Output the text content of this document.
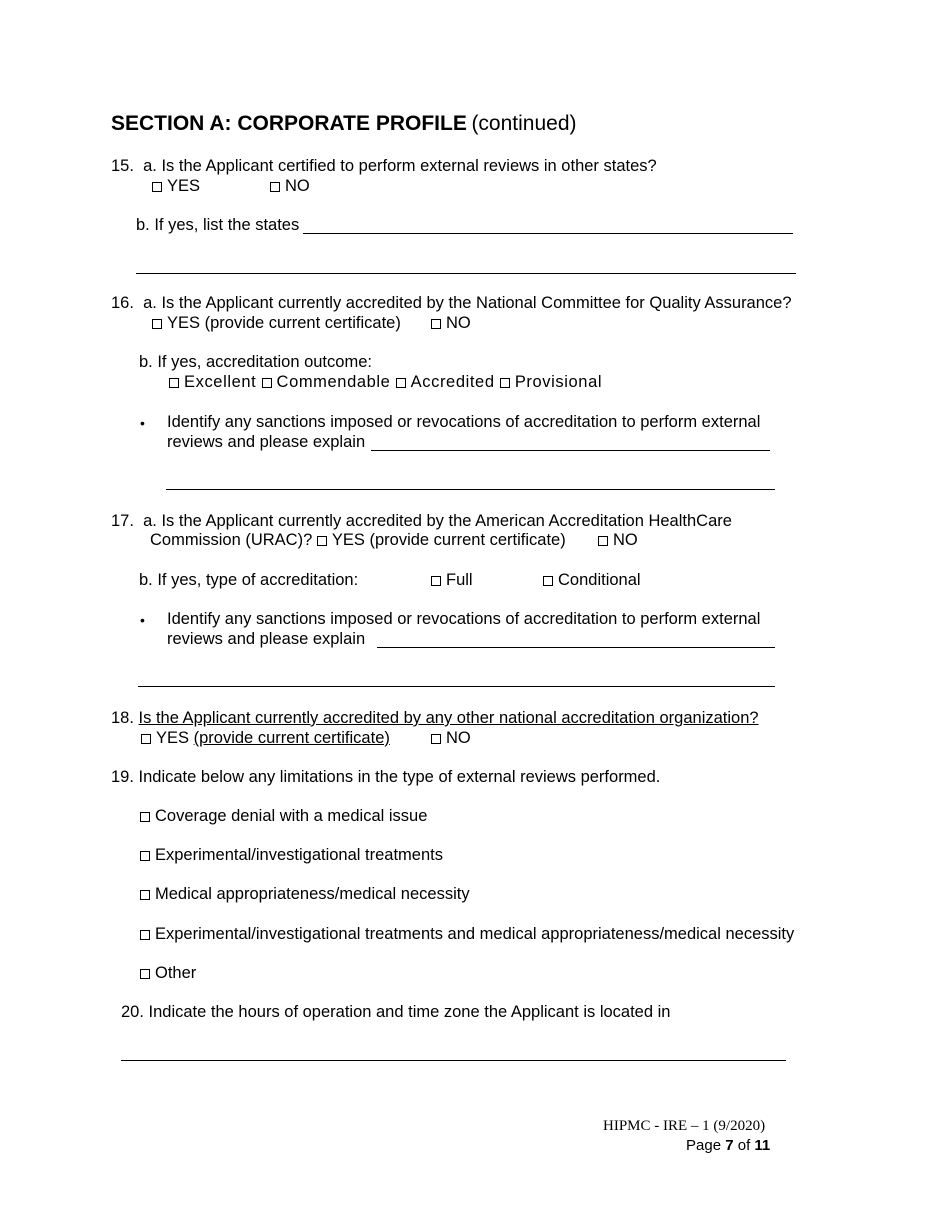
SECTION A: CORPORATE PROFILE (continued)
15. a. Is the Applicant certified to perform external reviews in other states?
YES	NO
b. If yes, list the states
16. a. Is the Applicant currently accredited by the National Committee for Quality Assurance?
YES (provide current certificate)	NO
b. If yes, accreditation outcome:
Excellent Commendable Accredited Provisional
• Identify any sanctions imposed or revocations of accreditation to perform external
reviews and please explain
17. a. Is the Applicant currently accredited by the American Accreditation HealthCare
Commission (URAC)? YES (provide current certificate)	NO
b. If yes, type of accreditation:	Full	Conditional
• Identify any sanctions imposed or revocations of accreditation to perform external
reviews and please explain
18. Is the Applicant currently accredited by any other national accreditation organization?
YES (provide current certificate)	NO
19. Indicate below any limitations in the type of external reviews performed.
Coverage denial with a medical issue
Experimental/investigational treatments
Medical appropriateness/medical necessity
Experimental/investigational treatments and medical appropriateness/medical necessity
Other
20. Indicate the hours of operation and time zone the Applicant is located in
HIPMC - IRE – 1 (9/2020)
Page 7 of 11
